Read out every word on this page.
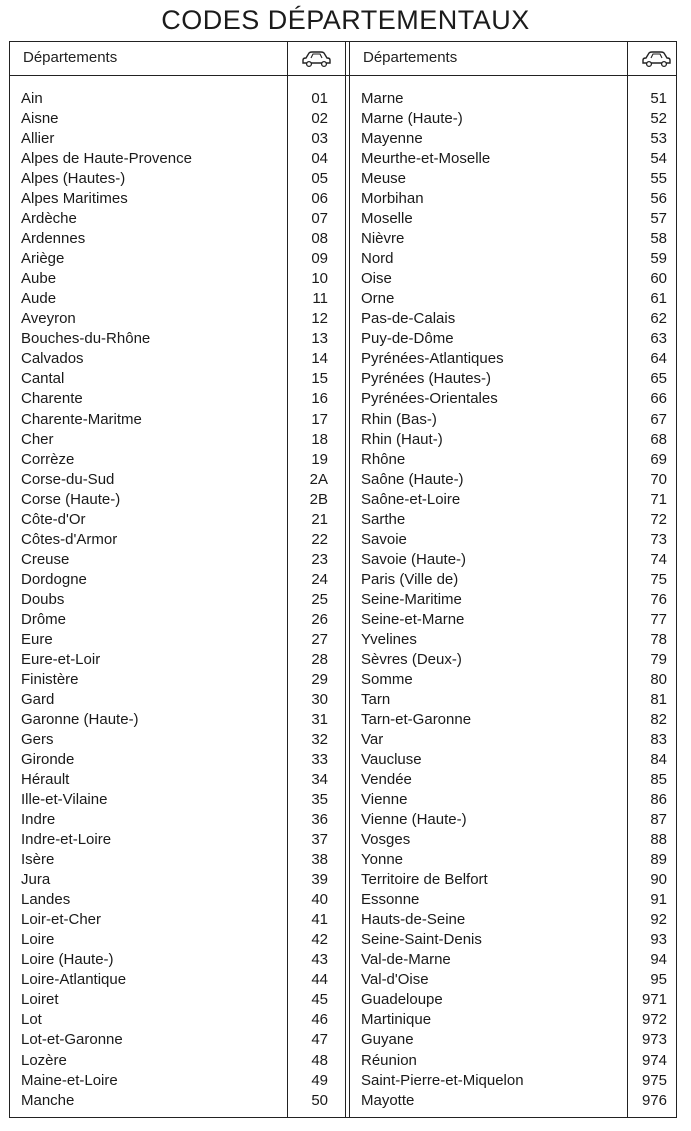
CODES DÉPARTEMENTAUX
Départements	Départements
Ain	01
Aisne	02
Allier	03
Alpes de Haute-Provence	04
Alpes (Hautes-)	05
Alpes Maritimes	06
Ardèche	07
Ardennes	08
Ariège	09
Aube	10
Aude	11
Aveyron	12
Bouches-du-Rhône	13
Calvados	14
Cantal	15
Charente	16
Charente-Maritme	17
Cher	18
Corrèze	19
Corse-du-Sud	2A
Corse (Haute-)	2B
Côte-d'Or	21
Côtes-d'Armor	22
Creuse	23
Dordogne	24
Doubs	25
Drôme	26
Eure	27
Eure-et-Loir	28
Finistère	29
Gard	30
Garonne (Haute-)	31
Gers	32
Gironde	33
Hérault	34
Ille-et-Vilaine	35
Indre	36
Indre-et-Loire	37
Isère	38
Jura	39
Landes	40
Loir-et-Cher	41
Loire	42
Loire (Haute-)	43
Loire-Atlantique	44
Loiret	45
Lot	46
Lot-et-Garonne	47
Lozère	48
Maine-et-Loire	49
Manche	50
Marne	51
Marne (Haute-)	52
Mayenne	53
Meurthe-et-Moselle	54
Meuse	55
Morbihan	56
Moselle	57
Nièvre	58
Nord	59
Oise	60
Orne	61
Pas-de-Calais	62
Puy-de-Dôme	63
Pyrénées-Atlantiques	64
Pyrénées (Hautes-)	65
Pyrénées-Orientales	66
Rhin (Bas-)	67
Rhin (Haut-)	68
Rhône	69
Saône (Haute-)	70
Saône-et-Loire	71
Sarthe	72
Savoie	73
Savoie (Haute-)	74
Paris (Ville de)	75
Seine-Maritime	76
Seine-et-Marne	77
Yvelines	78
Sèvres (Deux-)	79
Somme	80
Tarn	81
Tarn-et-Garonne	82
Var	83
Vaucluse	84
Vendée	85
Vienne	86
Vienne (Haute-)	87
Vosges	88
Yonne	89
Territoire de Belfort	90
Essonne	91
Hauts-de-Seine	92
Seine-Saint-Denis	93
Val-de-Marne	94
Val-d'Oise	95
Guadeloupe	971
Martinique	972
Guyane	973
Réunion	974
Saint-Pierre-et-Miquelon	975
Mayotte	976
